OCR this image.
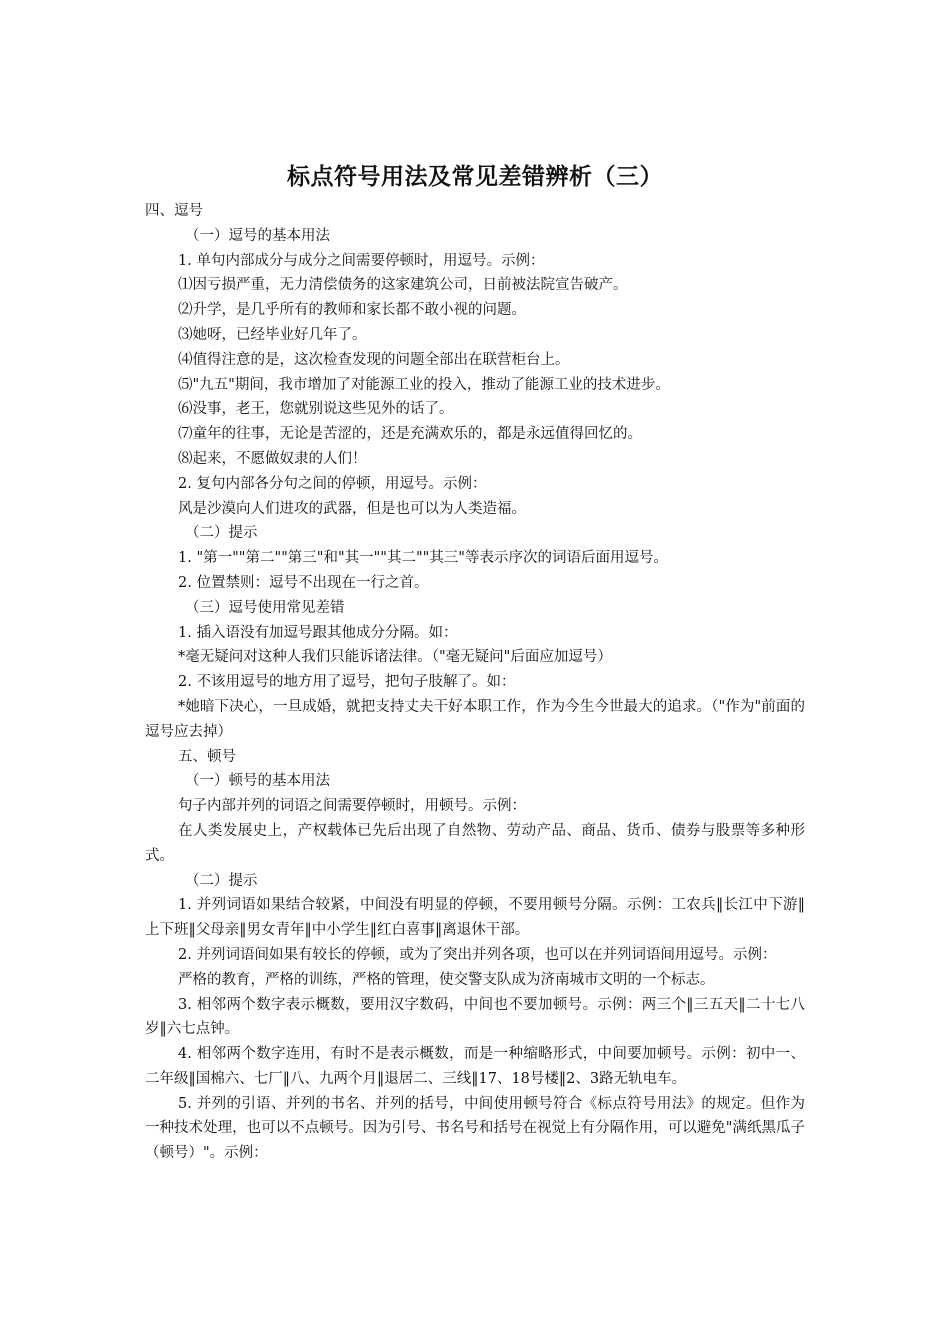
标点符号用法及常见差错辨析（三）

四、逗号

（一）逗号的基本用法

1. 单句内部成分与成分之间需要停顿时，用逗号。示例：

⑴因亏损严重，无力清偿债务的这家建筑公司，日前被法院宣告破产。

⑵升学，是几乎所有的教师和家长都不敢小视的问题。

⑶她呀，已经毕业好几年了。

⑷值得注意的是，这次检查发现的问题全部出在联营柜台上。

⑸"九五"期间，我市增加了对能源工业的投入，推动了能源工业的技术进步。

⑹没事，老王，您就别说这些见外的话了。

⑺童年的往事，无论是苦涩的，还是充满欢乐的，都是永远值得回忆的。

⑻起来，不愿做奴隶的人们！

2. 复句内部各分句之间的停顿，用逗号。示例：

风是沙漠向人们进攻的武器，但是也可以为人类造福。

（二）提示

1. "第一""第二""第三"和"其一""其二""其三"等表示序次的词语后面用逗号。

2. 位置禁则：逗号不出现在一行之首。

（三）逗号使用常见差错

1. 插入语没有加逗号跟其他成分分隔。如：

*毫无疑问对这种人我们只能诉诸法律。（"毫无疑问"后面应加逗号）

2. 不该用逗号的地方用了逗号，把句子肢解了。如：

*她暗下决心，一旦成婚，就把支持丈夫干好本职工作，作为今生今世最大的追求。（"作为"前面的逗号应去掉）

五、顿号

（一）顿号的基本用法

句子内部并列的词语之间需要停顿时，用顿号。示例：

在人类发展史上，产权载体已先后出现了自然物、劳动产品、商品、货币、债券与股票等多种形式。

（二）提示

1. 并列词语如果结合较紧，中间没有明显的停顿，不要用顿号分隔。示例：工农兵‖长江中下游‖上下班‖父母亲‖男女青年‖中小学生‖红白喜事‖离退休干部。

2. 并列词语间如果有较长的停顿，或为了突出并列各项，也可以在并列词语间用逗号。示例：

严格的教育，严格的训练，严格的管理，使交警支队成为济南城市文明的一个标志。

3. 相邻两个数字表示概数，要用汉字数码，中间也不要加顿号。示例：两三个‖三五天‖二十七八岁‖六七点钟。

4. 相邻两个数字连用，有时不是表示概数，而是一种缩略形式，中间要加顿号。示例：初中一、二年级‖国棉六、七厂‖八、九两个月‖退居二、三线‖17、18号楼‖2、3路无轨电车。

5. 并列的引语、并列的书名、并列的括号，中间使用顿号符合《标点符号用法》的规定。但作为一种技术处理，也可以不点顿号。因为引号、书名号和括号在视觉上有分隔作用，可以避免"满纸黑瓜子（顿号）"。示例：
